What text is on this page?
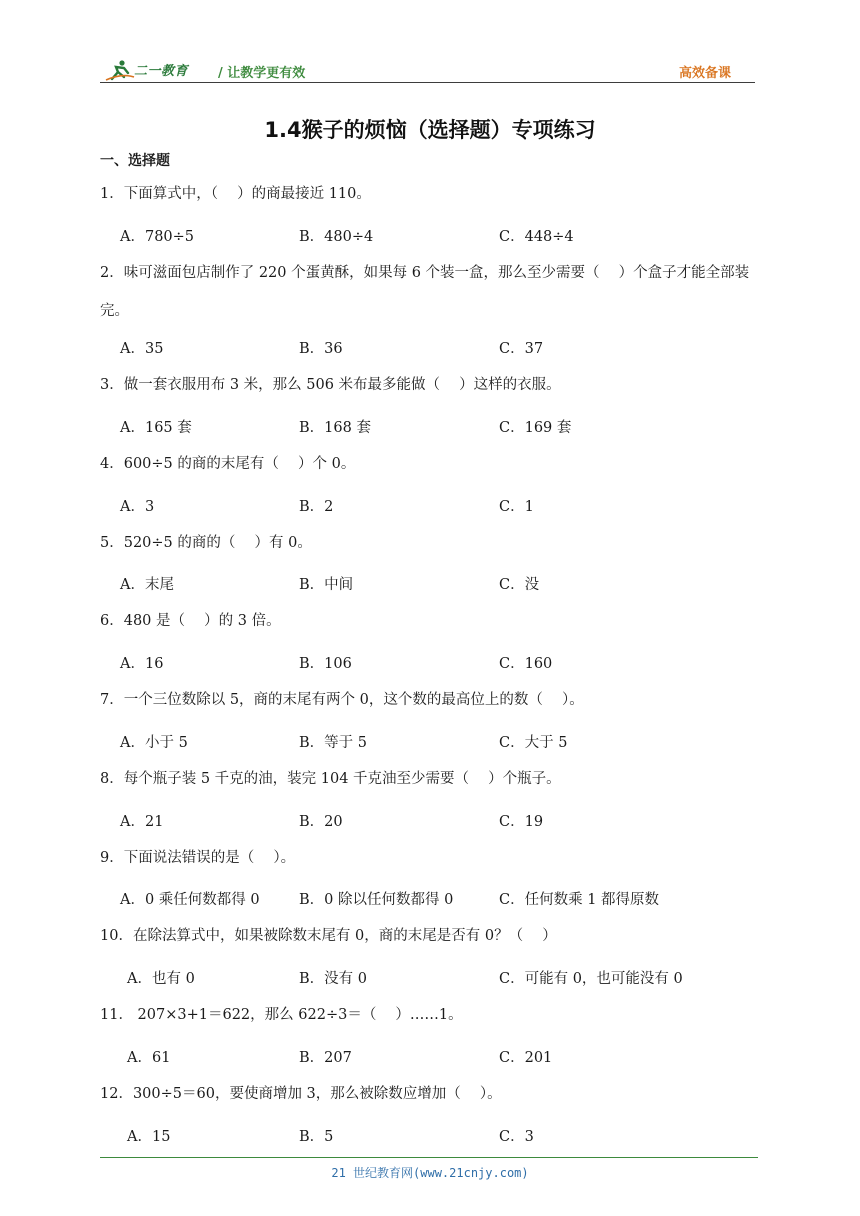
二一教育 / 让教学更有效	高效备课
1.4猴子的烦恼（选择题）专项练习
一、选择题
1．下面算式中，（　 ）的商最接近 110。
A．780÷5	B．480÷4	C．448÷4
2．味可滋面包店制作了 220 个蛋黄酥，如果每 6 个装一盒，那么至少需要（　 ）个盒子才能全部装完。
A．35	B．36	C．37
3．做一套衣服用布 3 米，那么 506 米布最多能做（　 ）这样的衣服。
A．165 套	B．168 套	C．169 套
4．600÷5 的商的末尾有（　 ）个 0。
A．3	B．2	C．1
5．520÷5 的商的（　 ）有 0。
A．末尾	B．中间	C．没
6．480 是（　 ）的 3 倍。
A．16	B．106	C．160
7．一个三位数除以 5，商的末尾有两个 0，这个数的最高位上的数（　 ）。
A．小于 5	B．等于 5	C．大于 5
8．每个瓶子装 5 千克的油，装完 104 千克油至少需要（　 ）个瓶子。
A．21	B．20	C．19
9．下面说法错误的是（　 ）。
A．0 乘任何数都得 0	B．0 除以任何数都得 0	C．任何数乘 1 都得原数
10．在除法算式中，如果被除数末尾有 0，商的末尾是否有 0？（　 ）
A．也有 0	B．没有 0	C．可能有 0，也可能没有 0
11． 207×3+1＝622，那么 622÷3＝（　 ）……1。
A．61	B．207	C．201
12．300÷5＝60，要使商增加 3，那么被除数应增加（　 ）。
A．15	B．5	C．3
21 世纪教育网(www.21cnjy.com)
